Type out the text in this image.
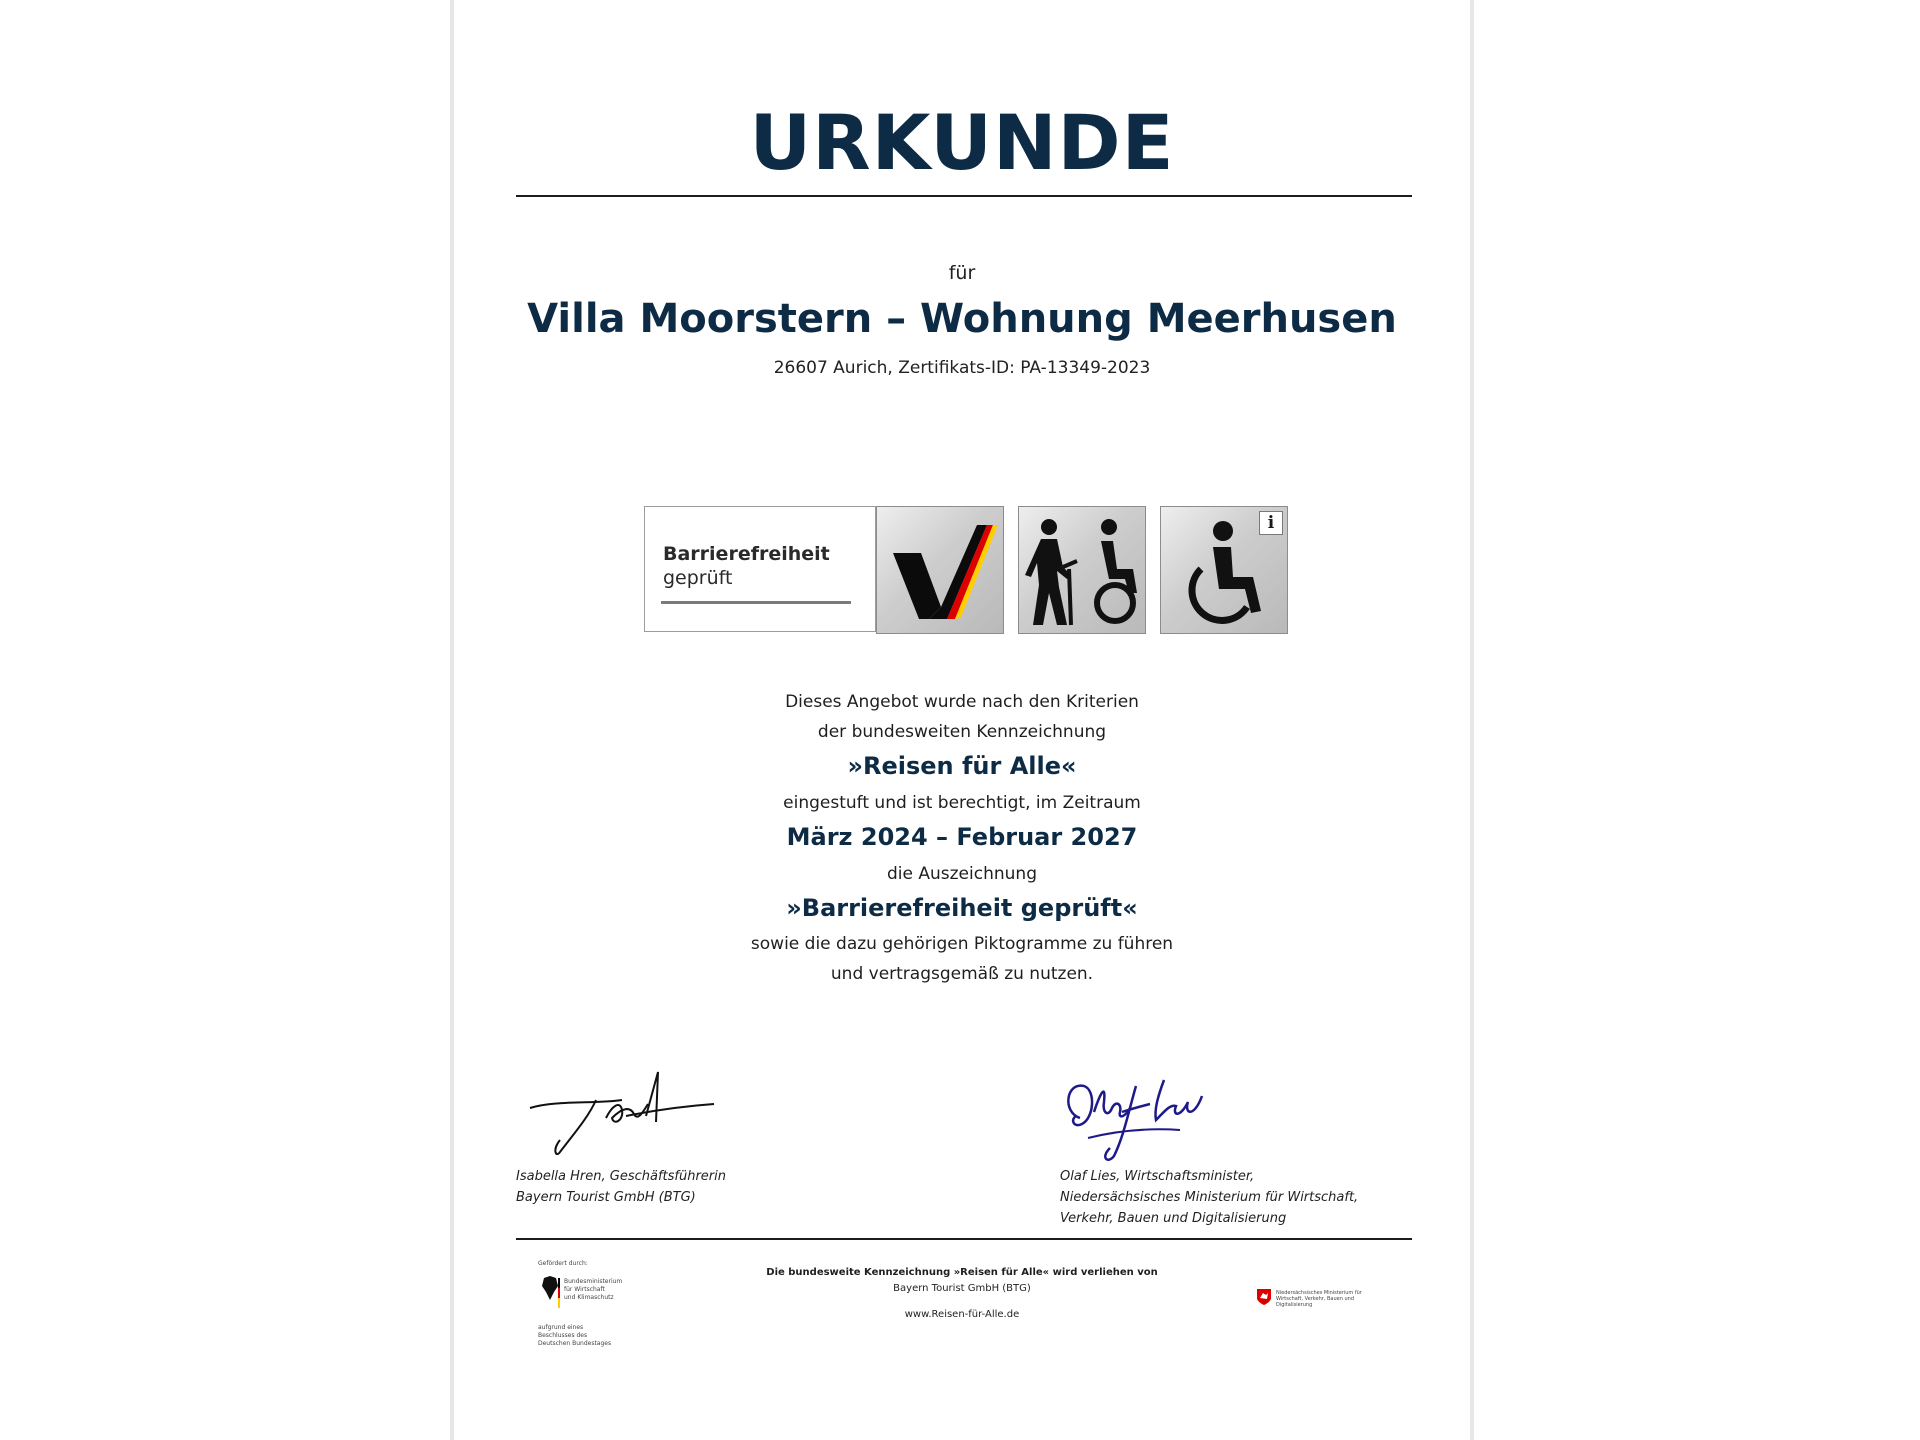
URKUNDE
für
Villa Moorstern – Wohnung Meerhusen
26607 Aurich, Zertifikats-ID: PA-13349-2023
Barrierefreiheit
geprüft
i
Dieses Angebot wurde nach den Kriterien
der bundesweiten Kennzeichnung
»Reisen für Alle«
eingestuft und ist berechtigt, im Zeitraum
März 2024 – Februar 2027
die Auszeichnung
»Barrierefreiheit geprüft«
sowie die dazu gehörigen Piktogramme zu führen
und vertragsgemäß zu nutzen.
Isabella Hren, Geschäftsführerin
Bayern Tourist GmbH (BTG)
Olaf Lies, Wirtschaftsminister,
Niedersächsisches Ministerium für Wirtschaft,
Verkehr, Bauen und Digitalisierung
Gefördert durch:
Bundesministerium für Wirtschaft und Klimaschutz
aufgrund eines Beschlusses des Deutschen Bundestages
Die bundesweite Kennzeichnung »Reisen für Alle« wird verliehen von
Bayern Tourist GmbH (BTG)
www.Reisen-für-Alle.de
Niedersächsisches Ministerium für Wirtschaft, Verkehr, Bauen und Digitalisierung
